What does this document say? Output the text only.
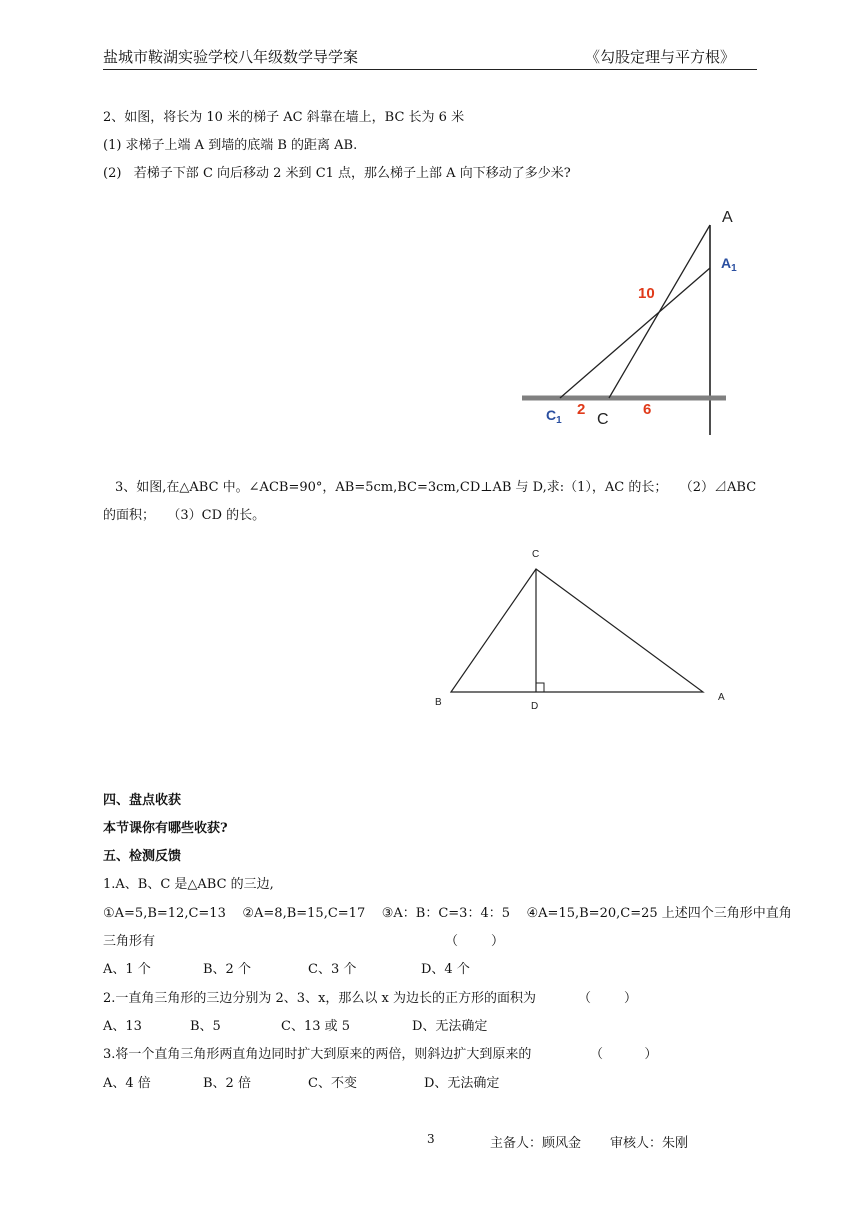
盐城市鞍湖实验学校八年级数学导学案	《勾股定理与平方根》
2、如图，将长为 10 米的梯子 AC 斜靠在墙上，BC 长为 6 米
(1) 求梯子上端 A 到墙的底端 B 的距离 AB.
(2)   若梯子下部 C 向后移动 2 米到 C1 点，那么梯子上部 A 向下移动了多少米?
A
$A_1$
10
$C_1$
2
C
6
3、如图,在△ABC 中。∠ACB=90°，AB=5cm,BC=3cm,CD⊥AB 与 D,求:（1），AC 的长；   （2）⊿ABC
的面积；   （3）CD 的长。
C
B	D
A
四、盘点收获
本节课你有哪些收获?
五、检测反馈
1.A、B、C 是△ABC 的三边,
①A=5,B=12,C=13    ②A=8,B=15,C=17    ③A：B：C=3：4：5    ④A=15,B=20,C=25 上述四个三角形中直角
三角形有	（        ）
A、1 个	B、2 个	C、3 个	D、4 个
2.一直角三角形的三边分别为 2、3、x，那么以 x 为边长的正方形的面积为	（        ）
A、13	B、5	C、13 或 5	D、无法确定
3.将一个直角三角形两直角边同时扩大到原来的两倍，则斜边扩大到原来的	（          ）
A、4 倍	B、2 倍	C、不变	D、无法确定
3	主备人：顾风金 审核人：朱刚
